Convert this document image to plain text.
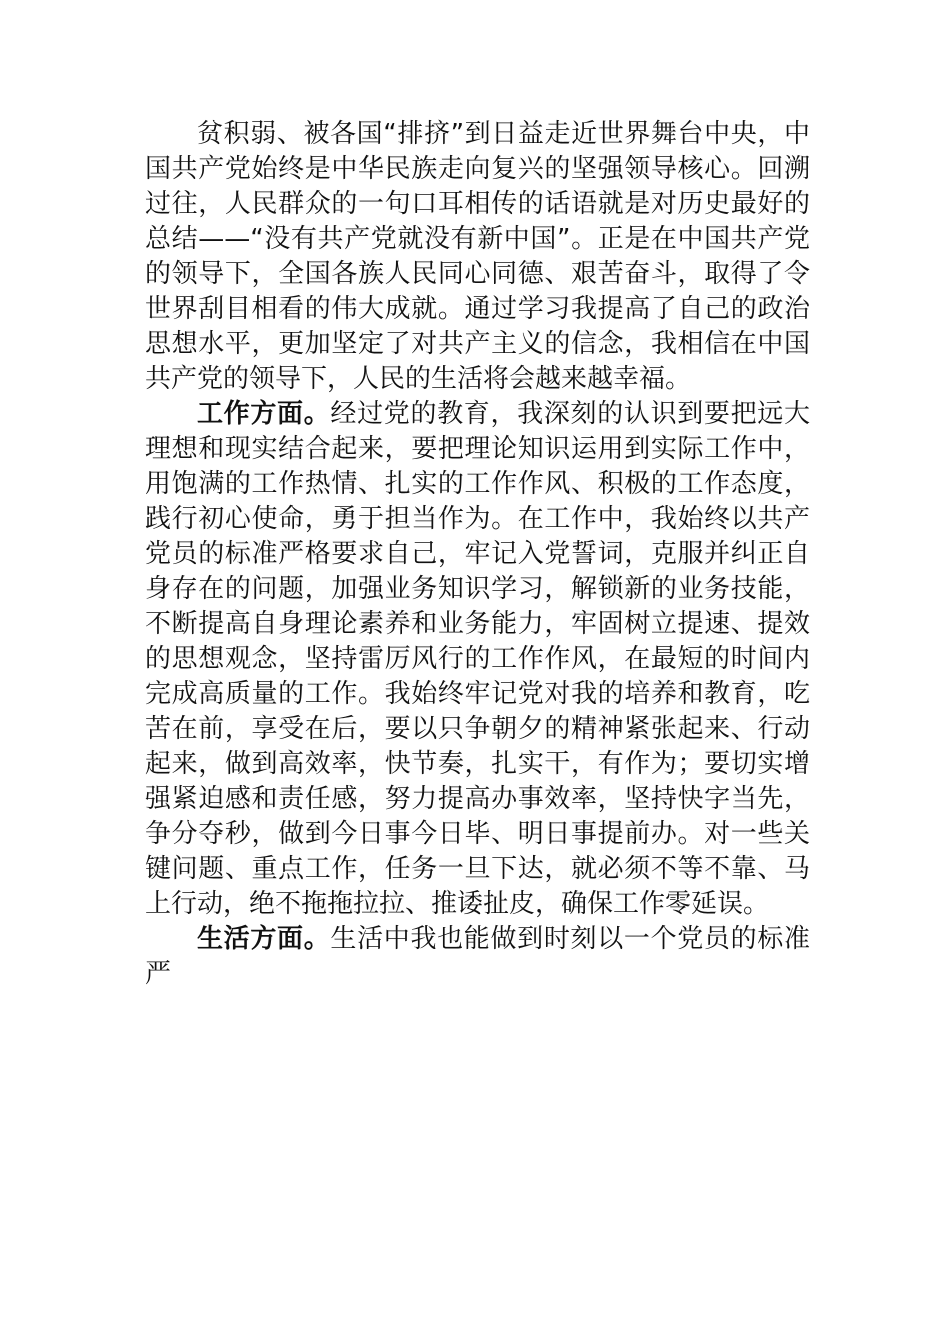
贫积弱、被各国“排挤”到日益走近世界舞台中央，中国共产党始终是中华民族走向复兴的坚强领导核心。回溯过往，人民群众的一句口耳相传的话语就是对历史最好的总结——“没有共产党就没有新中国”。正是在中国共产党的领导下，全国各族人民同心同德、艰苦奋斗，取得了令世界刮目相看的伟大成就。通过学习我提高了自己的政治思想水平，更加坚定了对共产主义的信念，我相信在中国共产党的领导下，人民的生活将会越来越幸福。

工作方面。经过党的教育，我深刻的认识到要把远大理想和现实结合起来，要把理论知识运用到实际工作中，用饱满的工作热情、扎实的工作作风、积极的工作态度，践行初心使命，勇于担当作为。在工作中，我始终以共产党员的标准严格要求自己，牢记入党誓词，克服并纠正自身存在的问题，加强业务知识学习，解锁新的业务技能，不断提高自身理论素养和业务能力，牢固树立提速、提效的思想观念，坚持雷厉风行的工作作风，在最短的时间内完成高质量的工作。我始终牢记党对我的培养和教育，吃苦在前，享受在后，要以只争朝夕的精神紧张起来、行动起来，做到高效率，快节奏，扎实干，有作为；要切实增强紧迫感和责任感，努力提高办事效率，坚持快字当先，争分夺秒，做到今日事今日毕、明日事提前办。对一些关键问题、重点工作，任务一旦下达，就必须不等不靠、马上行动，绝不拖拖拉拉、推诿扯皮，确保工作零延误。

生活方面。生活中我也能做到时刻以一个党员的标准严
